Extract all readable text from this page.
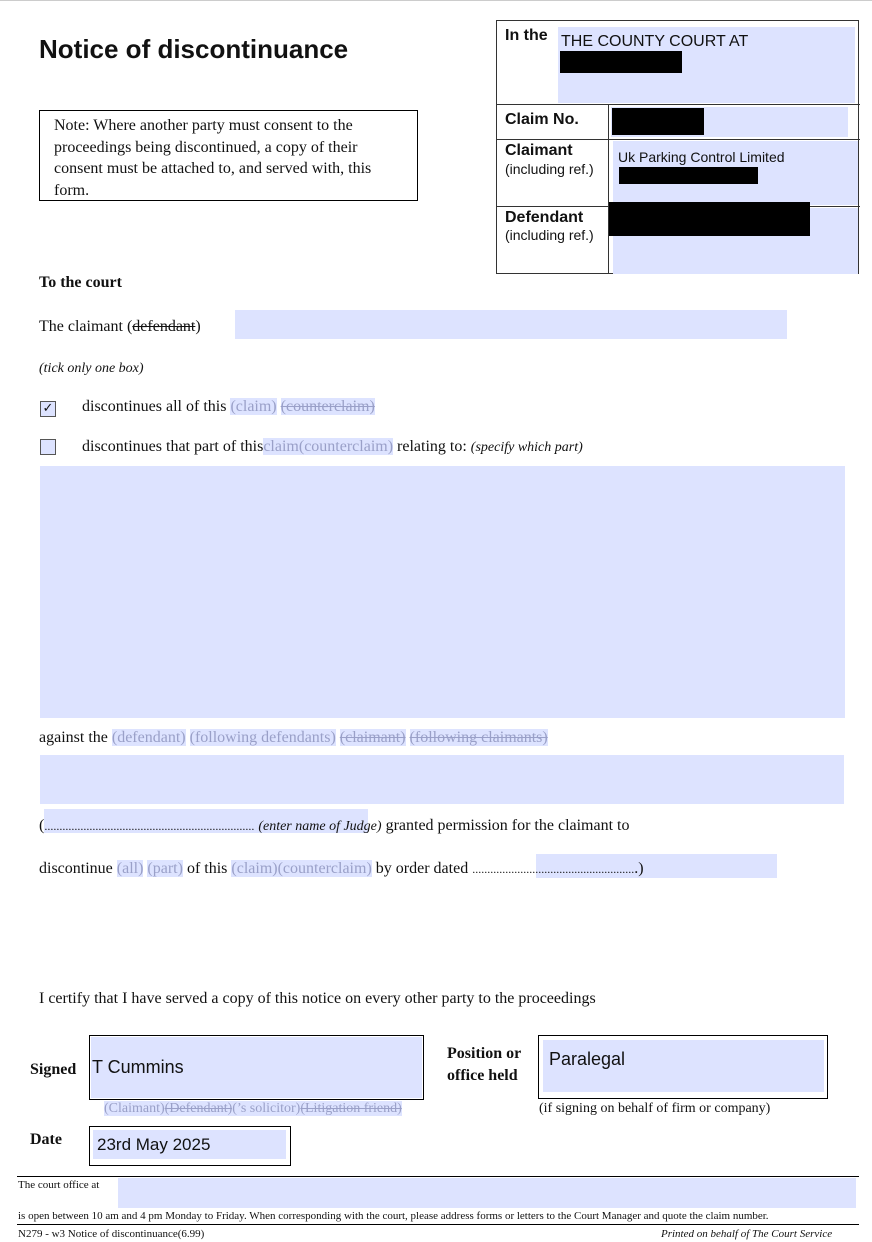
Notice of discontinuance
Note: Where another party must consent to the proceedings being discontinued, a copy of their consent must be attached to, and served with, this form.
In the THE COUNTY COURT AT
Claim No.
Claimant
(including ref.)
Uk Parking Control Limited
Defendant
(including ref.)
To the court
The claimant (defendant)
(tick only one box)
✓ discontinues all of this (claim) (counterclaim)
discontinues that part of thisclaim(counterclaim) relating to: (specify which part)
against the (defendant) (following defendants) (claimant) (following claimants)
(...................................................................... (enter name of Judge) granted permission for the claimant to
discontinue (all) (part) of this (claim)(counterclaim) by order dated .......................................................)
I certify that I have served a copy of this notice on every other party to the proceedings
Signed T Cummins
(Claimant)(Defendant)(’s solicitor)(Litigation friend)
Position or
office held
Paralegal
(if signing on behalf of firm or company)
Date 23rd May 2025
The court office at
is open between 10 am and 4 pm Monday to Friday. When corresponding with the court, please address forms or letters to the Court Manager and quote the claim number.
N279 - w3 Notice of discontinuance(6.99)	Printed on behalf of The Court Service
